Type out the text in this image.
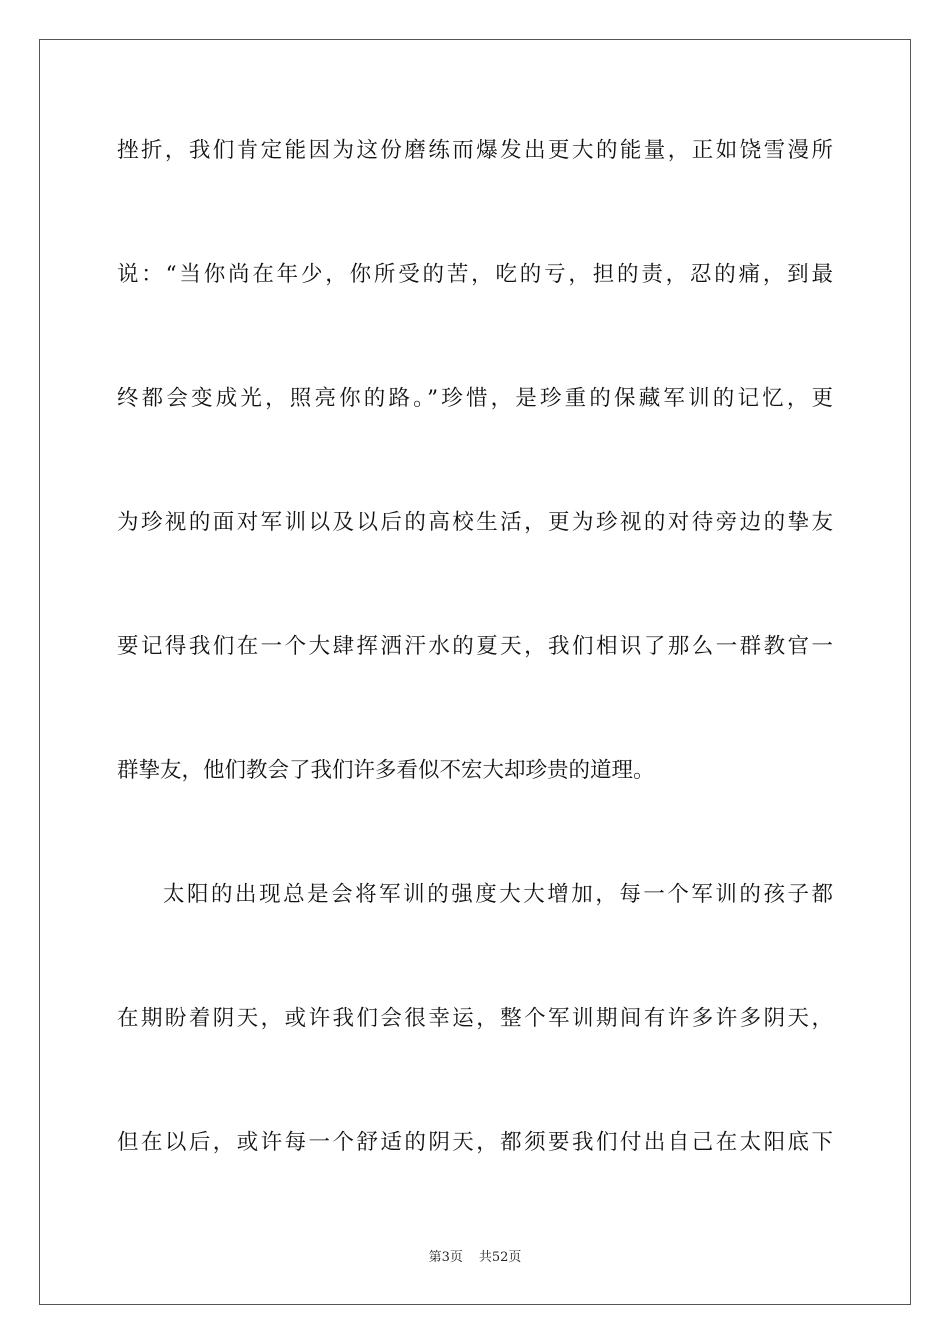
挫折，我们肯定能因为这份磨练而爆发出更大的能量，正如饶雪漫所
说：“当你尚在年少，你所受的苦，吃的亏，担的责，忍的痛，到最
终都会变成光，照亮你的路。”珍惜，是珍重的保藏军训的记忆，更
为珍视的面对军训以及以后的高校生活，更为珍视的对待旁边的挚友
要记得我们在一个大肆挥洒汗水的夏天，我们相识了那么一群教官一
群挚友，他们教会了我们许多看似不宏大却珍贵的道理。
太阳的出现总是会将军训的强度大大增加，每一个军训的孩子都
在期盼着阴天，或许我们会很幸运，整个军训期间有许多许多阴天，
但在以后，或许每一个舒适的阴天，都须要我们付出自己在太阳底下
第3页 共52页
